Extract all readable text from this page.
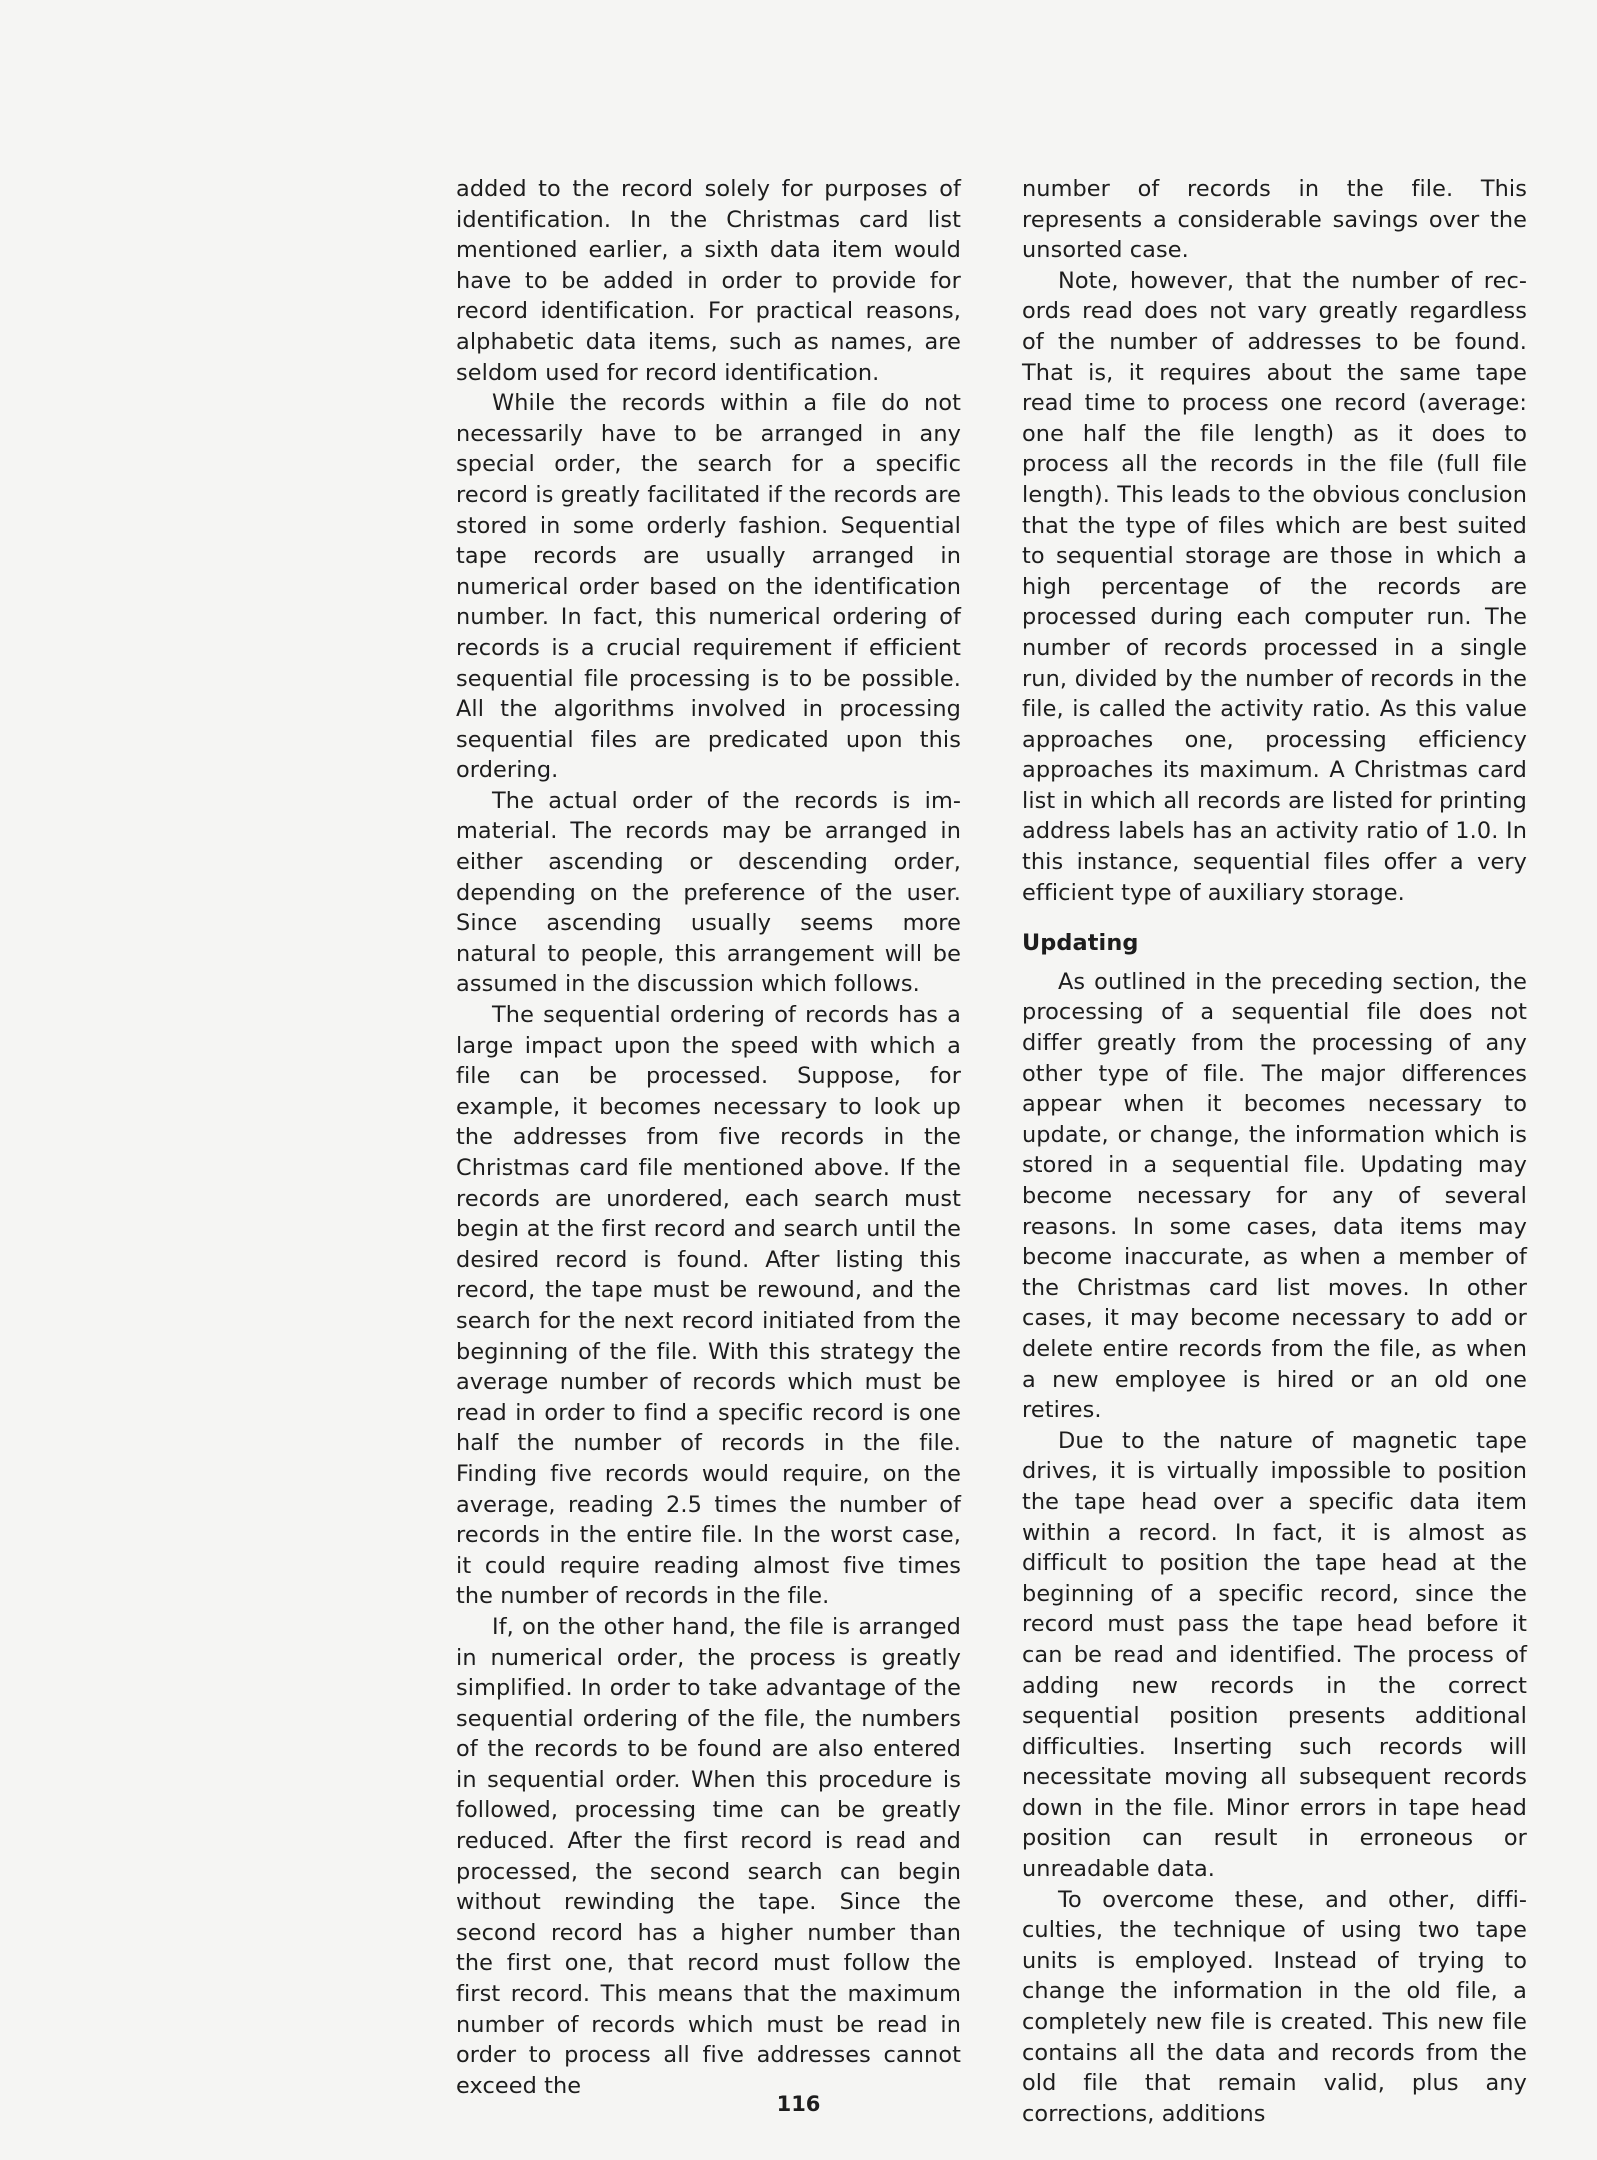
added to the record solely for purposes of identification. In the Christmas card list mentioned earlier, a sixth data item would have to be added in order to provide for record identification. For practical reasons, alphabetic data items, such as names, are seldom used for record identification.

While the records within a file do not necessarily have to be arranged in any special order, the search for a specific record is greatly facilitated if the records are stored in some orderly fashion. Sequential tape records are usually arranged in numerical order based on the identification number. In fact, this numerical ordering of records is a crucial requirement if efficient sequential file processing is to be possible. All the algorithms involved in processing sequential files are predicated upon this ordering.

The actual order of the records is immaterial. The records may be arranged in either ascending or descending order, depending on the preference of the user. Since ascending usually seems more natural to people, this arrangement will be assumed in the discussion which follows.

The sequential ordering of records has a large impact upon the speed with which a file can be processed. Suppose, for example, it becomes necessary to look up the addresses from five records in the Christmas card file mentioned above. If the records are unordered, each search must begin at the first record and search until the desired record is found. After listing this record, the tape must be rewound, and the search for the next record initiated from the beginning of the file. With this strategy the average number of records which must be read in order to find a specific record is one half the number of records in the file. Finding five records would require, on the average, reading 2.5 times the number of records in the entire file. In the worst case, it could require reading almost five times the number of records in the file.

If, on the other hand, the file is arranged in numerical order, the process is greatly simplified. In order to take advantage of the sequential ordering of the file, the numbers of the records to be found are also entered in sequential order. When this procedure is followed, processing time can be greatly reduced. After the first record is read and processed, the second search can begin without rewinding the tape. Since the second record has a higher number than the first one, that record must follow the first record. This means that the maximum number of records which must be read in order to process all five addresses cannot exceed the

number of records in the file. This represents a considerable savings over the unsorted case.

Note, however, that the number of records read does not vary greatly regardless of the number of addresses to be found. That is, it requires about the same tape read time to process one record (average: one half the file length) as it does to process all the records in the file (full file length). This leads to the obvious conclusion that the type of files which are best suited to sequential storage are those in which a high percentage of the records are processed during each computer run. The number of records processed in a single run, divided by the number of records in the file, is called the activity ratio. As this value approaches one, processing efficiency approaches its maximum. A Christmas card list in which all records are listed for printing address labels has an activity ratio of 1.0. In this instance, sequential files offer a very efficient type of auxiliary storage.

Updating

As outlined in the preceding section, the processing of a sequential file does not differ greatly from the processing of any other type of file. The major differences appear when it becomes necessary to update, or change, the information which is stored in a sequential file. Updating may become necessary for any of several reasons. In some cases, data items may become inaccurate, as when a member of the Christmas card list moves. In other cases, it may become necessary to add or delete entire records from the file, as when a new employee is hired or an old one retires.

Due to the nature of magnetic tape drives, it is virtually impossible to position the tape head over a specific data item within a record. In fact, it is almost as difficult to position the tape head at the beginning of a specific record, since the record must pass the tape head before it can be read and identified. The process of adding new records in the correct sequential position presents additional difficulties. Inserting such records will necessitate moving all subsequent records down in the file. Minor errors in tape head position can result in erroneous or unreadable data.

To overcome these, and other, difficulties, the technique of using two tape units is employed. Instead of trying to change the information in the old file, a completely new file is created. This new file contains all the data and records from the old file that remain valid, plus any corrections, additions

116
